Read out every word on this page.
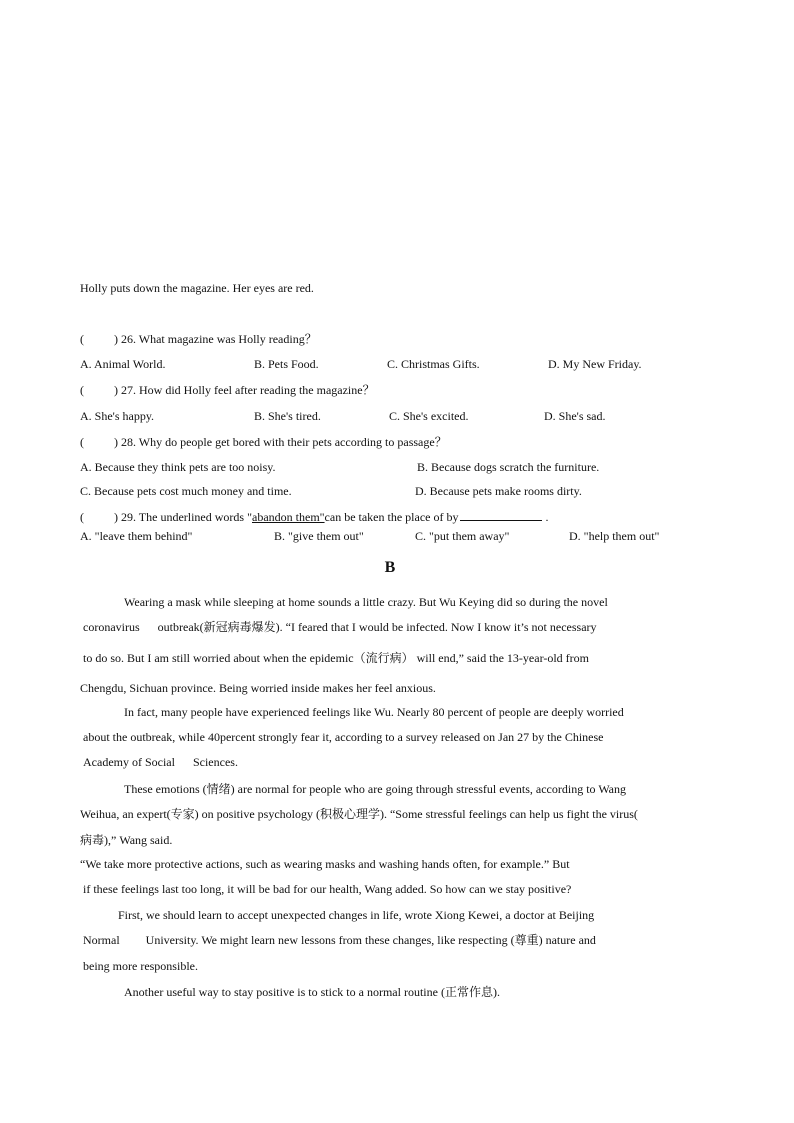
Holly puts down the magazine. Her eyes are red.
(	) 26. What magazine was Holly reading？
A. Animal World.	B. Pets Food.	C. Christmas Gifts.	D. My New Friday.
(	) 27. How did Holly feel after reading the magazine？
A. She's happy.	B. She's tired.	C. She's excited.	D. She's sad.
(	) 28. Why do people get bored with their pets according to passage？
A. Because they think pets are too noisy.	B. Because dogs scratch the furniture.
C. Because pets cost much money and time.	D. Because pets make rooms dirty.
(	) 29. The underlined words "abandon them"can be taken the place of by	.
A. "leave them behind"	B. "give them out"	C. "put them away"	D. "help them out"
B
Wearing a mask while sleeping at home sounds a little crazy. But Wu Keying did so during the novel
coronavirus outbreak(新冠病毒爆发). “I feared that I would be infected. Now I know it’s not necessary
to do so. But I am still worried about when the epidemic（流行病） will end,” said the 13-year-old from
Chengdu, Sichuan province. Being worried inside makes her feel anxious.
In fact, many people have experienced feelings like Wu. Nearly 80 percent of people are deeply worried
about the outbreak, while 40percent strongly fear it, according to a survey released on Jan 27 by the Chinese
Academy of Social Sciences.
These emotions (情绪) are normal for people who are going through stressful events, according to Wang
Weihua, an expert(专家) on positive psychology (积极心理学). “Some stressful feelings can help us fight the virus(
病毒),” Wang said.
“We take more protective actions, such as wearing masks and washing hands often, for example.” But
if these feelings last too long, it will be bad for our health, Wang added. So how can we stay positive?
First, we should learn to accept unexpected changes in life, wrote Xiong Kewei, a doctor at Beijing
Normal University. We might learn new lessons from these changes, like respecting (尊重) nature and
being more responsible.
Another useful way to stay positive is to stick to a normal routine (正常作息).
